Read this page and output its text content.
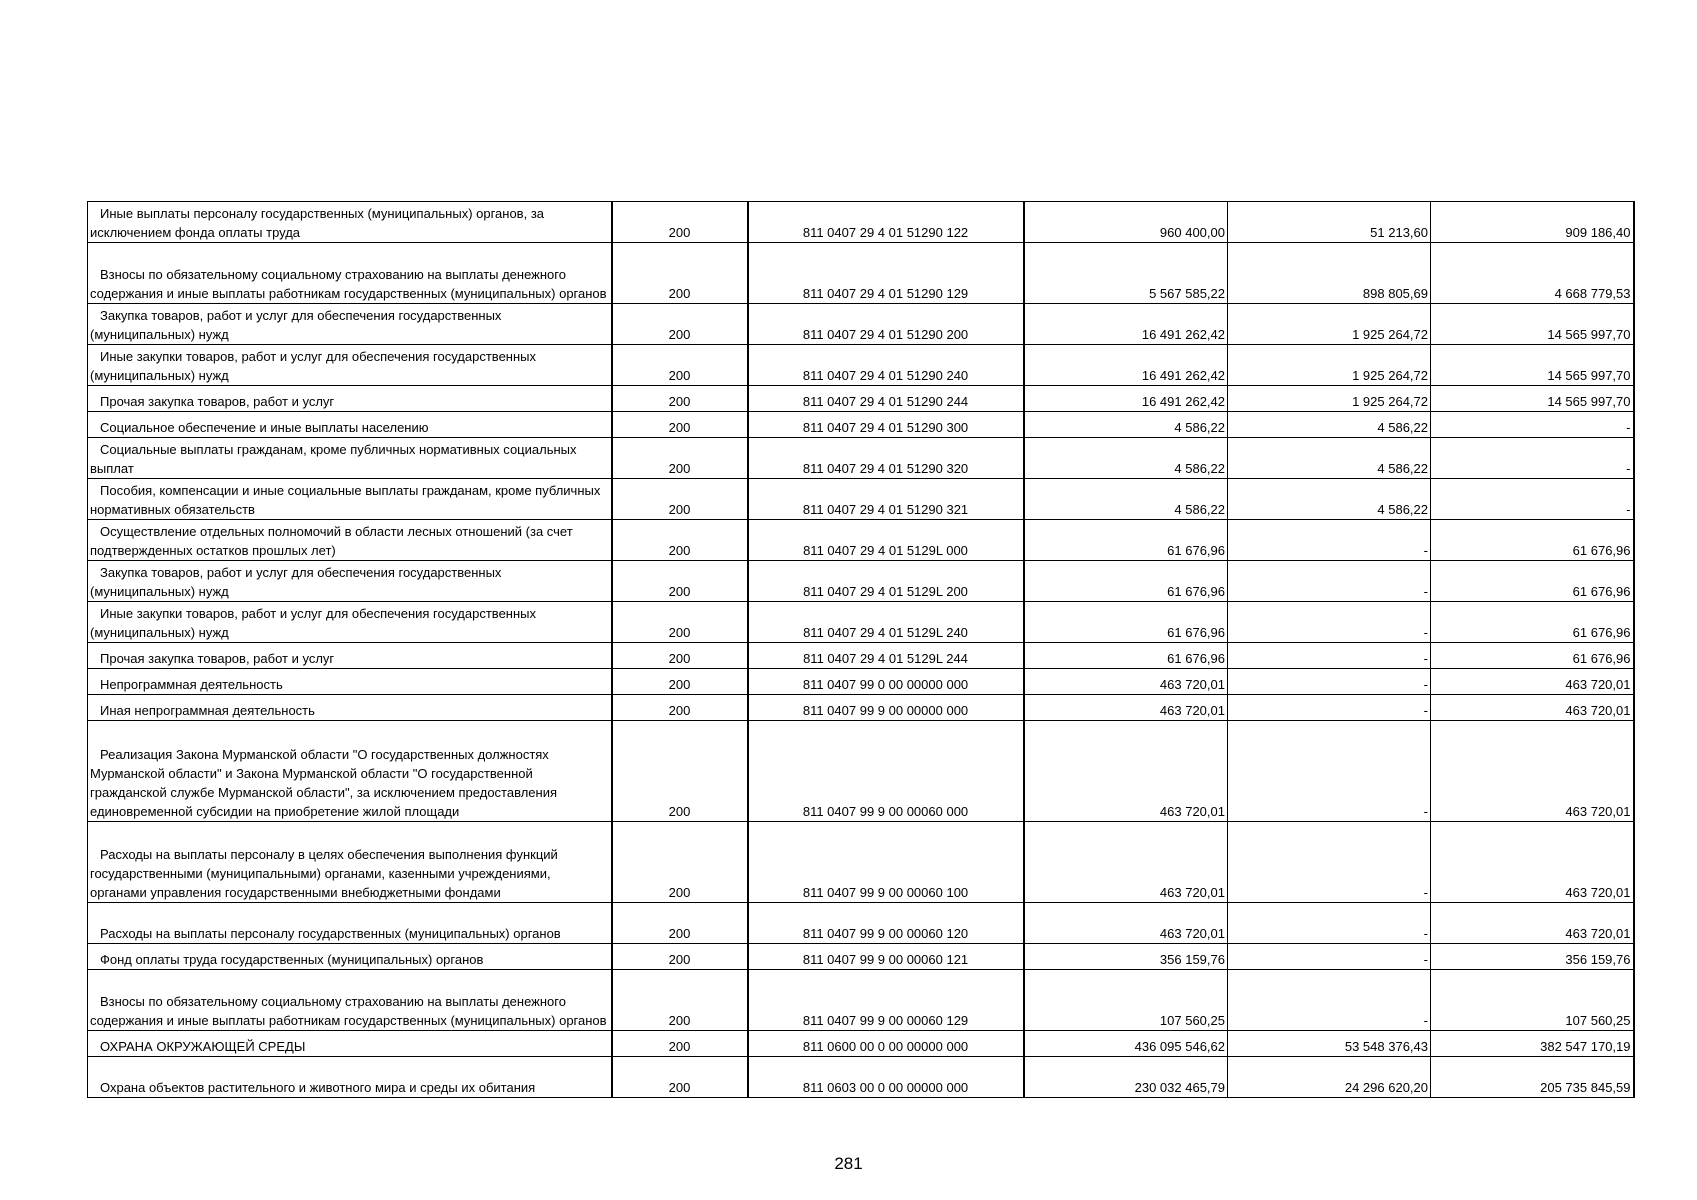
Иные выплаты персоналу государственных (муниципальных) органов, за исключением фонда оплаты труда	200	811 0407 29 4 01 51290 122	960 400,00	51 213,60	909 186,40
Взносы по обязательному социальному страхованию на выплаты денежного содержания и иные выплаты работникам государственных (муниципальных) органов	200	811 0407 29 4 01 51290 129	5 567 585,22	898 805,69	4 668 779,53
Закупка товаров, работ и услуг для обеспечения государственных (муниципальных) нужд	200	811 0407 29 4 01 51290 200	16 491 262,42	1 925 264,72	14 565 997,70
Иные закупки товаров, работ и услуг для обеспечения государственных (муниципальных) нужд	200	811 0407 29 4 01 51290 240	16 491 262,42	1 925 264,72	14 565 997,70
Прочая закупка товаров, работ и услуг	200	811 0407 29 4 01 51290 244	16 491 262,42	1 925 264,72	14 565 997,70
Социальное обеспечение и иные выплаты населению	200	811 0407 29 4 01 51290 300	4 586,22	4 586,22	-
Социальные выплаты гражданам, кроме публичных нормативных социальных выплат	200	811 0407 29 4 01 51290 320	4 586,22	4 586,22	-
Пособия, компенсации и иные социальные выплаты гражданам, кроме публичных нормативных обязательств	200	811 0407 29 4 01 51290 321	4 586,22	4 586,22	-
Осуществление отдельных полномочий в области лесных отношений (за счет подтвержденных остатков прошлых лет)	200	811 0407 29 4 01 5129L 000	61 676,96	-	61 676,96
Закупка товаров, работ и услуг для обеспечения государственных (муниципальных) нужд	200	811 0407 29 4 01 5129L 200	61 676,96	-	61 676,96
Иные закупки товаров, работ и услуг для обеспечения государственных (муниципальных) нужд	200	811 0407 29 4 01 5129L 240	61 676,96	-	61 676,96
Прочая закупка товаров, работ и услуг	200	811 0407 29 4 01 5129L 244	61 676,96	-	61 676,96
Непрограммная деятельность	200	811 0407 99 0 00 00000 000	463 720,01	-	463 720,01
Иная непрограммная деятельность	200	811 0407 99 9 00 00000 000	463 720,01	-	463 720,01
Реализация Закона Мурманской области "О государственных должностях Мурманской области" и Закона Мурманской области "О государственной гражданской службе Мурманской области", за исключением предоставления единовременной субсидии на приобретение жилой площади	200	811 0407 99 9 00 00060 000	463 720,01	-	463 720,01
Расходы на выплаты персоналу в целях обеспечения выполнения функций государственными (муниципальными) органами, казенными учреждениями, органами управления государственными внебюджетными фондами	200	811 0407 99 9 00 00060 100	463 720,01	-	463 720,01
Расходы на выплаты персоналу государственных (муниципальных) органов	200	811 0407 99 9 00 00060 120	463 720,01	-	463 720,01
Фонд оплаты труда государственных (муниципальных) органов	200	811 0407 99 9 00 00060 121	356 159,76	-	356 159,76
Взносы по обязательному социальному страхованию на выплаты денежного содержания и иные выплаты работникам государственных (муниципальных) органов	200	811 0407 99 9 00 00060 129	107 560,25	-	107 560,25
ОХРАНА ОКРУЖАЮЩЕЙ СРЕДЫ	200	811 0600 00 0 00 00000 000	436 095 546,62	53 548 376,43	382 547 170,19
Охрана объектов растительного и животного мира и среды их обитания	200	811 0603 00 0 00 00000 000	230 032 465,79	24 296 620,20	205 735 845,59
281
